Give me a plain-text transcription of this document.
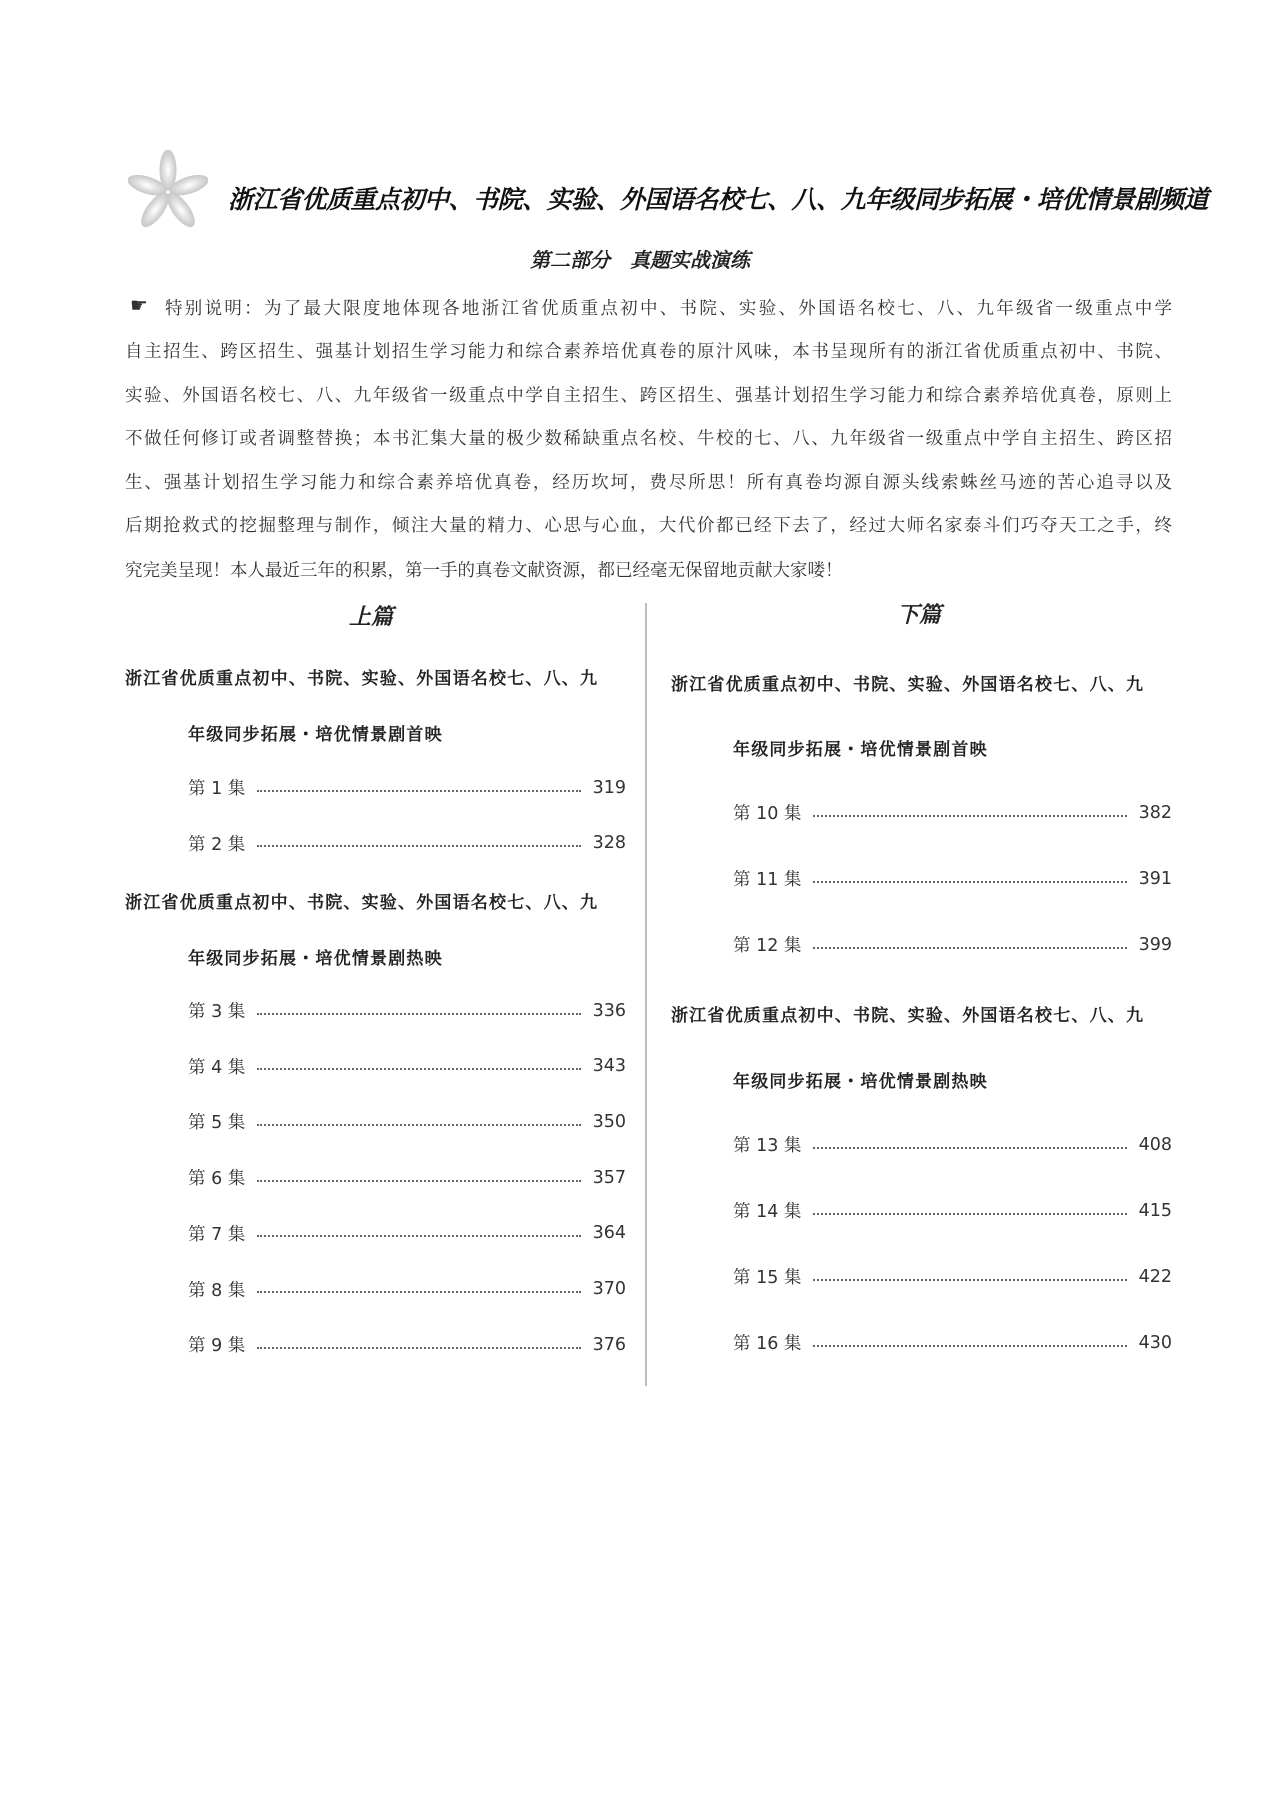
浙江省优质重点初中、书院、实验、外国语名校七、八、九年级同步拓展・培优情景剧频道
第二部分　真题实战演练
☛ 特别说明：为了最大限度地体现各地浙江省优质重点初中、书院、实验、外国语名校七、八、九年级省一级重点中学
自主招生、跨区招生、强基计划招生学习能力和综合素养培优真卷的原汁风味，本书呈现所有的浙江省优质重点初中、书院、
实验、外国语名校七、八、九年级省一级重点中学自主招生、跨区招生、强基计划招生学习能力和综合素养培优真卷，原则上
不做任何修订或者调整替换；本书汇集大量的极少数稀缺重点名校、牛校的七、八、九年级省一级重点中学自主招生、跨区招
生、强基计划招生学习能力和综合素养培优真卷，经历坎坷，费尽所思！所有真卷均源自源头线索蛛丝马迹的苦心追寻以及
后期抢救式的挖掘整理与制作，倾注大量的精力、心思与心血，大代价都已经下去了，经过大师名家泰斗们巧夺天工之手，终
究完美呈现！本人最近三年的积累，第一手的真卷文献资源，都已经毫无保留地贡献大家喽！
上篇	下篇
浙江省优质重点初中、书院、实验、外国语名校七、八、九
年级同步拓展・培优情景剧首映
第 1 集	319
第 2 集	328
浙江省优质重点初中、书院、实验、外国语名校七、八、九
年级同步拓展・培优情景剧热映
第 3 集	336
第 4 集	343
第 5 集	350
第 6 集	357
第 7 集	364
第 8 集	370
第 9 集	376
浙江省优质重点初中、书院、实验、外国语名校七、八、九
年级同步拓展・培优情景剧首映
第 10 集	382
第 11 集	391
第 12 集	399
浙江省优质重点初中、书院、实验、外国语名校七、八、九
年级同步拓展・培优情景剧热映
第 13 集	408
第 14 集	415
第 15 集	422
第 16 集	430
